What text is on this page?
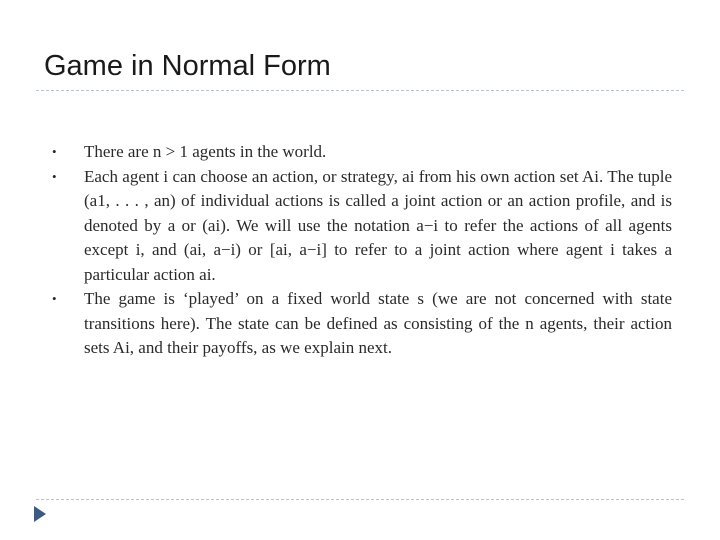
Game in Normal Form
•	There are n > 1 agents in the world.
•	Each agent i can choose an action, or strategy, ai from his own action set Ai. The tuple (a1, . . . , an) of individual actions is called a joint action or an action profile, and is denoted by a or (ai). We will use the notation a−i to refer the actions of all agents except i, and (ai, a−i) or [ai, a−i] to refer to a joint action where agent i takes a particular action ai.
•	The game is ‘played’ on a fixed world state s (we are not concerned with state transitions here). The state can be defined as consisting of the n agents, their action sets Ai, and their payoffs, as we explain next.
